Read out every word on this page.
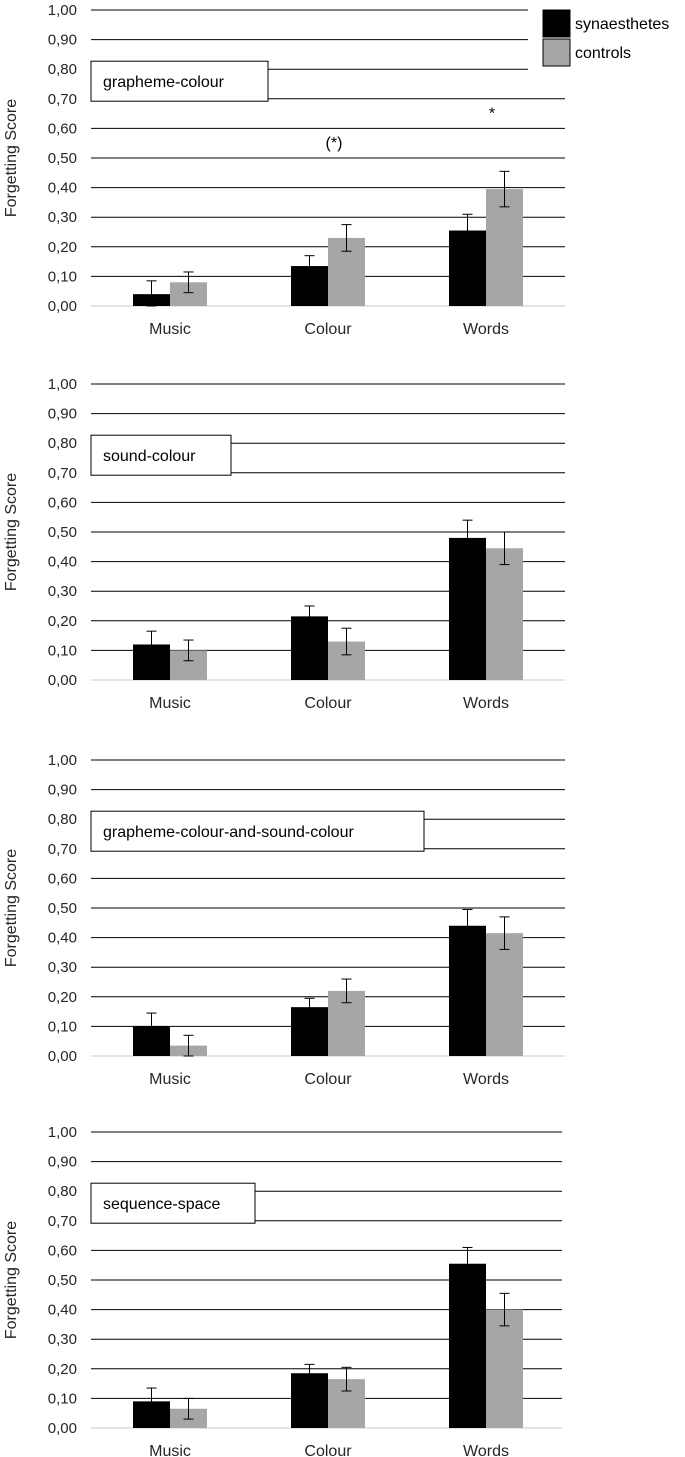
0,00
0,10
0,20
0,30
0,40
0,50
0,60
0,70
0,80
0,90
1,00
Forgetting Score
grapheme-colour
Music	Colour	Words
(*)
*
0,00
0,10
0,20
0,30
0,40
0,50
0,60
0,70
0,80
0,90
1,00
Forgetting Score
sound-colour
Music	Colour	Words
0,00
0,10
0,20
0,30
0,40
0,50
0,60
0,70
0,80
0,90
1,00
Forgetting Score
grapheme-colour-and-sound-colour
Music	Colour	Words
0,00
0,10
0,20
0,30
0,40
0,50
0,60
0,70
0,80
0,90
1,00
Forgetting Score
sequence-space
Music	Colour	Words
synaesthetes
controls
